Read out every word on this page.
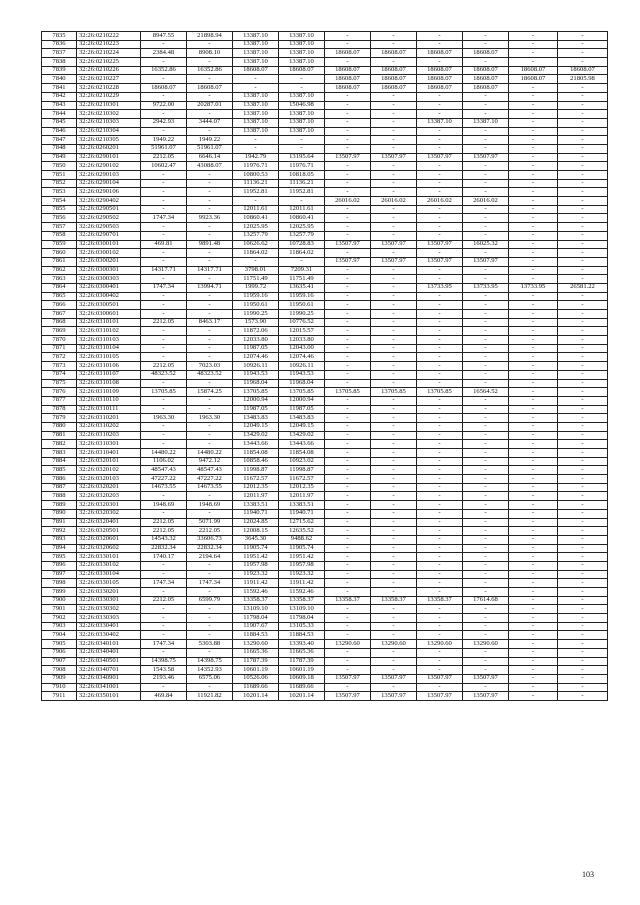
7835	32:26:0210222	8947.55	21898.94	13387.10	13387.10	-	-	-	-	-	-
7836	32:26:0210223	-	-	13387.10	13387.10	-	-	-	-	-	-
7837	32:26:0210224	2384.48	8908.10	13387.10	13387.10	18608.07	18608.07	18608.07	18608.07	-	-
7838	32:26:0210225	-	-	13387.10	13387.10	-	-	-	-	-	-
7839	32:26:0210226	16352.86	16352.86	18608.07	18608.07	18608.07	18608.07	18608.07	18608.07	18608.07	18608.07
7840	32:26:0210227	-	-	-	-	18608.07	18608.07	18608.07	18608.07	18608.07	21805.98
7841	32:26:0210228	18608.07	18608.07	-	-	18608.07	18608.07	18608.07	18608.07	-	-
7842	32:26:0210229	-	-	13387.10	13387.10	-	-	-	-	-	-
7843	32:26:0210301	9722.00	20287.01	13387.10	15046.98	-	-	-	-	-	-
7844	32:26:0210302	-	-	13387.10	13387.10	-	-	-	-	-	-
7845	32:26:0210303	2942.93	3444.07	13387.10	13387.10	-	-	13387.10	13387.10	-	-
7846	32:26:0210304	-	-	13387.10	13387.10	-	-	-	-	-	-
7847	32:26:0210305	1949.22	1949.22	-	-	-	-	-	-	-	-
7848	32:26:0260201	51961.07	51961.07	-	-	-	-	-	-	-	-
7849	32:26:0290101	2212.05	6646.14	1942.79	13195.64	13507.97	13507.97	13507.97	13507.97	-	-
7850	32:26:0290102	10602.47	43088.07	11976.71	11976.71	-	-	-	-	-	-
7851	32:26:0290103	-	-	10800.53	10818.05	-	-	-	-	-	-
7852	32:26:0290104	-	-	11136.21	11136.21	-	-	-	-	-	-
7853	32:26:0290106	-	-	11952.81	11952.81	-	-	-	-	-	-
7854	32:26:0290402	-	-	-	-	26016.02	26016.02	26016.02	26016.02	-	-
7855	32:26:0290501	-	-	12011.61	12011.61	-	-	-	-	-	-
7856	32:26:0290502	1747.34	9923.36	10860.41	10860.41	-	-	-	-	-	-
7857	32:26:0290503	-	-	12025.95	12025.95	-	-	-	-	-	-
7858	32:26:0290701	-	-	13257.79	13257.79	-	-	-	-	-	-
7859	32:26:0300101	469.81	9891.48	10626.62	10728.83	13507.97	13507.97	13507.97	16025.32	-	-
7860	32:26:0300102	-	-	11864.02	11864.02	-	-	-	-	-	-
7861	32:26:0300201	-	-	-	-	13507.97	13507.97	13507.97	13507.97	-	-
7862	32:26:0300301	14317.71	14317.71	3798.01	7209.31	-	-	-	-	-	-
7863	32:26:0300303	-	-	11751.49	11751.49	-	-	-	-	-	-
7864	32:26:0300401	1747.34	13994.71	1999.72	13635.41	-	-	13733.95	13733.95	13733.95	26581.22
7865	32:26:0300402	-	-	11959.16	11959.16	-	-	-	-	-	-
7866	32:26:0300501	-	-	11950.61	11950.61	-	-	-	-	-	-
7867	32:26:0300601	-	-	11990.25	11990.25	-	-	-	-	-	-
7868	32:26:0310101	2212.05	8463.17	1573.90	10776.52	-	-	-	-	-	-
7869	32:26:0310102	-	-	11872.06	12015.57	-	-	-	-	-	-
7870	32:26:0310103	-	-	12033.80	12033.80	-	-	-	-	-	-
7871	32:26:0310104	-	-	11987.05	12043.00	-	-	-	-	-	-
7872	32:26:0310105	-	-	12074.46	12074.46	-	-	-	-	-	-
7873	32:26:0310106	2212.05	7023.03	10926.11	10926.11	-	-	-	-	-	-
7874	32:26:0310107	48323.52	48323.52	11943.53	11943.53	-	-	-	-	-	-
7875	32:26:0310108	-	-	11968.04	11968.04	-	-	-	-	-	-
7876	32:26:0310109	13705.85	15874.25	13705.85	13705.85	13705.85	13705.85	13705.85	16564.52	-	-
7877	32:26:0310110	-	-	12000.94	12000.94	-	-	-	-	-	-
7878	32:26:0310111	-	-	11987.05	11987.05	-	-	-	-	-	-
7879	32:26:0310201	1963.30	1963.30	13483.83	13483.83	-	-	-	-	-	-
7880	32:26:0310202	-	-	12049.15	12049.15	-	-	-	-	-	-
7881	32:26:0310203	-	-	13429.02	13429.02	-	-	-	-	-	-
7882	32:26:0310301	-	-	13443.66	13443.66	-	-	-	-	-	-
7883	32:26:0310401	14480.22	14480.22	11854.08	11854.08	-	-	-	-	-	-
7884	32:26:0320101	1106.02	9472.12	10858.46	10923.02	-	-	-	-	-	-
7885	32:26:0320102	48547.43	48547.43	11998.87	11998.87	-	-	-	-	-	-
7886	32:26:0320103	47227.22	47227.22	11672.57	11672.57	-	-	-	-	-	-
7887	32:26:0320201	14673.55	14673.55	12012.35	12012.35	-	-	-	-	-	-
7888	32:26:0320203	-	-	12011.97	12011.97	-	-	-	-	-	-
7889	32:26:0320301	1948.69	1948.69	13383.51	13383.51	-	-	-	-	-	-
7890	32:26:0320302	-	-	11940.71	11940.71	-	-	-	-	-	-
7891	32:26:0320401	2212.05	5071.99	12024.85	12715.62	-	-	-	-	-	-
7892	32:26:0320501	2212.05	2212.05	12008.15	12635.52	-	-	-	-	-	-
7893	32:26:0320601	14543.32	33606.73	3645.30	9488.62	-	-	-	-	-	-
7894	32:26:0320602	22832.34	22832.34	11905.74	11905.74	-	-	-	-	-	-
7895	32:26:0330101	1740.17	2194.64	11951.42	11951.42	-	-	-	-	-	-
7896	32:26:0330102	-	-	11957.98	11957.98	-	-	-	-	-	-
7897	32:26:0330104	-	-	11923.32	11923.32	-	-	-	-	-	-
7898	32:26:0330105	1747.34	1747.34	11911.42	11911.42	-	-	-	-	-	-
7899	32:26:0330201	-	-	11592.46	11592.46	-	-	-	-	-	-
7900	32:26:0330301	2212.05	6599.79	13358.37	13358.37	13358.37	13358.37	13358.37	17614.68	-	-
7901	32:26:0330302	-	-	13109.10	13109.10	-	-	-	-	-	-
7902	32:26:0330303	-	-	11798.04	11798.04	-	-	-	-	-	-
7903	32:26:0330401	-	-	11907.67	13105.33	-	-	-	-	-	-
7904	32:26:0330402	-	-	11884.53	11884.53	-	-	-	-	-	-
7905	32:26:0340101	1747.34	5303.88	13290.60	13393.40	13290.60	13290.60	13290.60	13290.60	-	-
7906	32:26:0340401	-	-	11665.36	11665.36	-	-	-	-	-	-
7907	32:26:0340501	14398.75	14398.75	11787.39	11787.39	-	-	-	-	-	-
7908	32:26:0340701	1543.58	14352.93	10601.19	10601.19	-	-	-	-	-	-
7909	32:26:0340901	2193.46	6575.06	10526.06	10609.18	13507.97	13507.97	13507.97	13507.97	-	-
7910	32:26:0341001	-	-	11689.66	11689.66	-	-	-	-	-	-
7911	32:26:0350101	469.84	11921.82	10201.14	10201.14	13507.97	13507.97	13507.97	13507.97	-	-
103
